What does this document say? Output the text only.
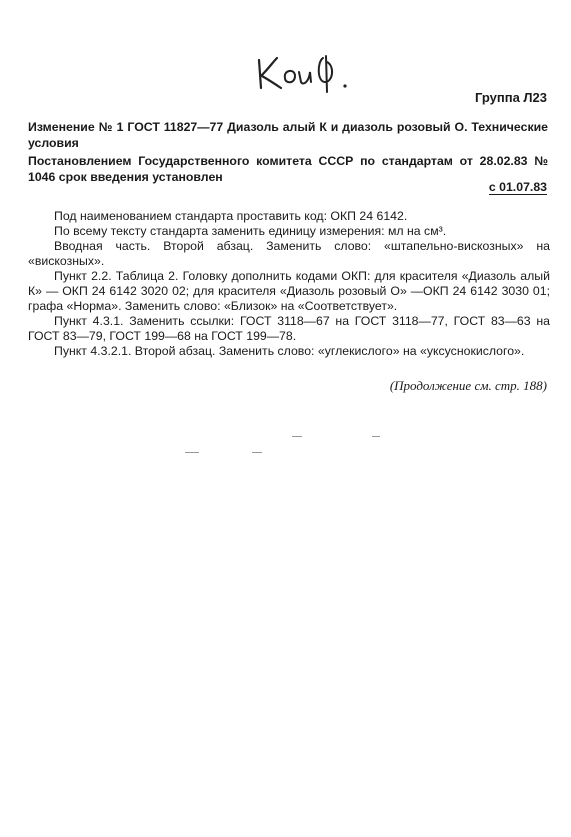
Группа Л23
Изменение № 1 ГОСТ 11827—77 Диазоль алый К и диазоль розовый О. Технические условия
Постановлением Государственного комитета СССР по стандартам от 28.02.83 № 1046 срок введения установлен
с 01.07.83

Под наименованием стандарта проставить код: ОКП 24 6142.

По всему тексту стандарта заменить единицу измерения: мл на см³.

Вводная часть. Второй абзац. Заменить слово: «штапельно-вискозных» на «вискозных».

Пункт 2.2. Таблица 2. Головку дополнить кодами ОКП: для красителя «Диазоль алый К» — ОКП 24 6142 3020 02; для красителя «Диазоль розовый О» —ОКП 24 6142 3030 01; графа «Норма». Заменить слово: «Близок» на «Соответствует».

Пункт 4.3.1. Заменить ссылки: ГОСТ 3118—67 на ГОСТ 3118—77, ГОСТ 83—63 на ГОСТ 83—79, ГОСТ 199—68 на ГОСТ 199—78.

Пункт 4.3.2.1. Второй абзац. Заменить слово: «углекислого» на «уксуснокислого».

(Продолжение см. стр. 188)
